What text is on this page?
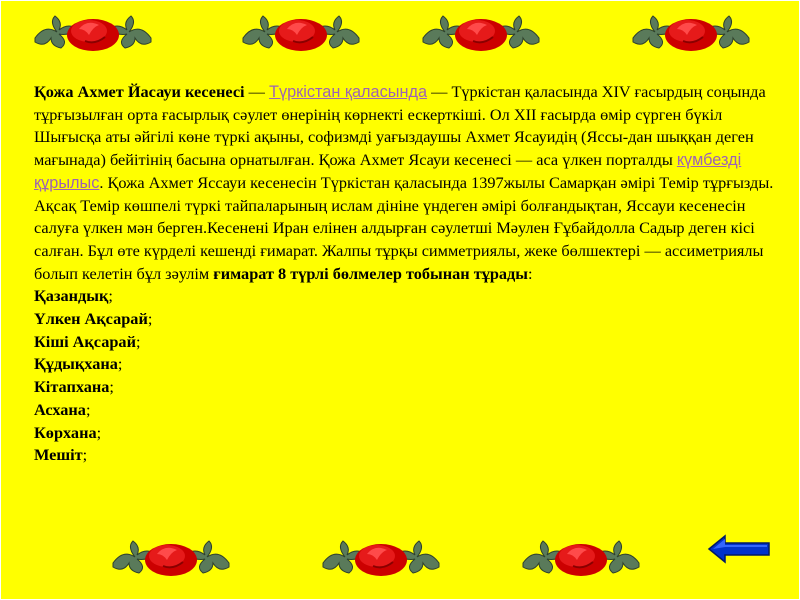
Қожа Ахмет Йасауи кесенесі — Түркістан қаласында — Түркістан қаласында XIV ғасырдың соңында тұрғызылған орта ғасырлық сәулет өнерінің көрнекті ескерткіші. Ол XII ғасырда өмір сүрген бүкіл Шығысқа аты әйгілі көне түркі ақыны, софизмді уағыздаушы Ахмет Ясауидің (Яссы-дан шыққан деген мағынада) бейітінің басына орнатылған. Қожа Ахмет Ясауи кесенесі — аса үлкен порталды күмбезді құрылыс. Қожа Ахмет Яссауи кесенесін Түркістан қаласында 1397жылы Самарқан әмірі Темір тұрғызды. Ақсақ Темір көшпелі түркі тайпаларының ислам дініне үндеген әмірі болғандықтан, Яссауи кесенесін салуға үлкен мән берген.Кесенені Иран елінен алдырған сәулетші Мәулен Ғұбайдолла Садыр деген кісі салған. Бұл өте күрделі кешенді ғимарат. Жалпы тұрқы симметриялы, жеке бөлшектері — ассиметриялы болып келетін бұл зәулім ғимарат 8 түрлі бөлмелер тобынан тұрады:

Қазандық;

Үлкен Ақсарай;

Кіші Ақсарай;

Құдықхана;

Кітапхана;

Асхана;

Көрхана;

Мешіт;
